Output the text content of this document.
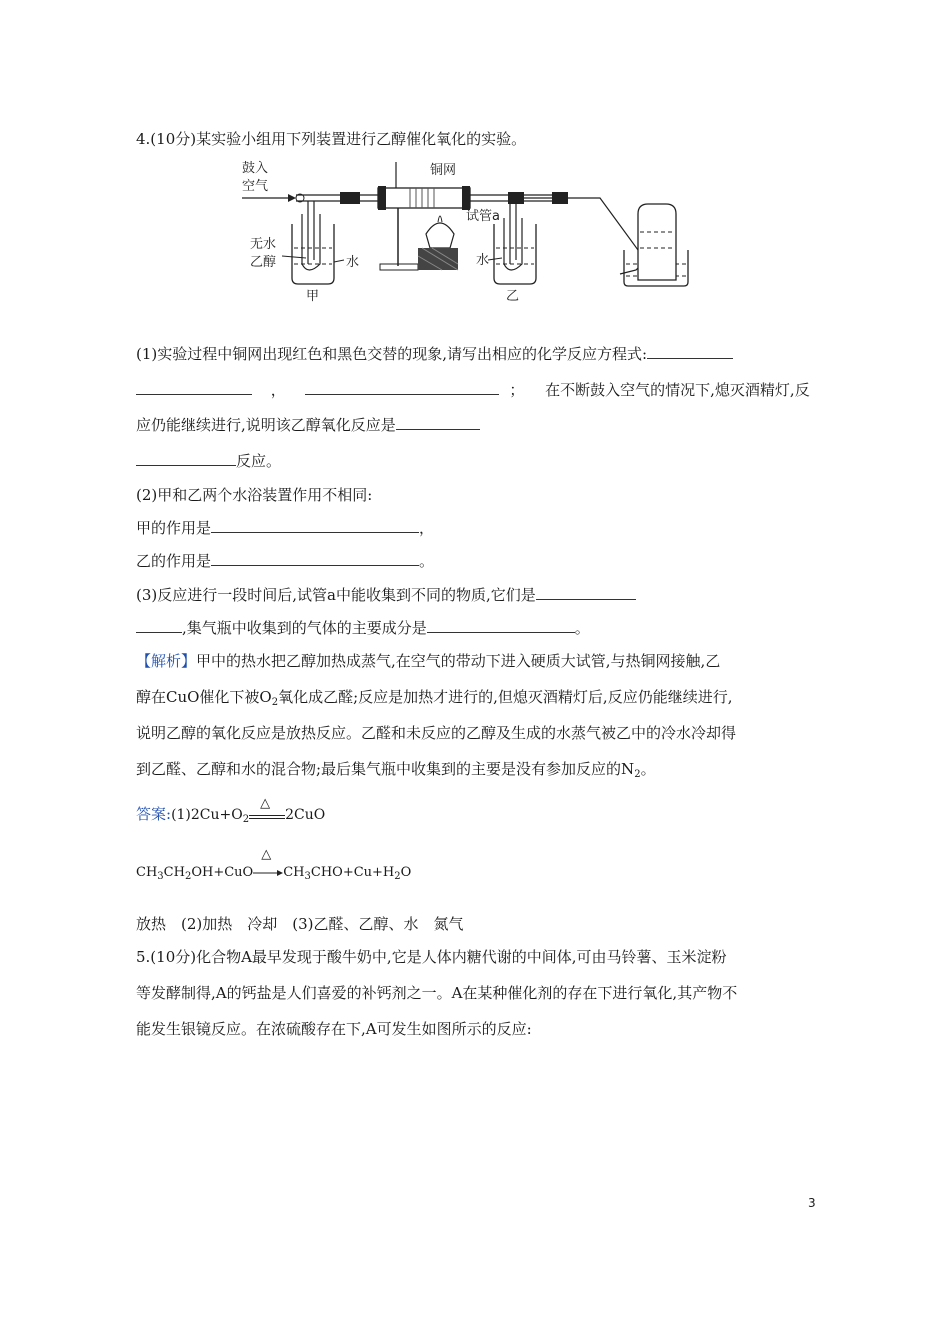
4.(10分)某实验小组用下列装置进行乙醇催化氧化的实验。
鼓入
空气
无水
乙醇	水
甲
铜网
试管a
水
乙
(1)实验过程中铜网出现红色和黑色交替的现象,请写出相应的化学反应方程式:
，	； 在不断鼓入空气的情况下,熄灭酒精灯,反
应仍能继续进行,说明该乙醇氧化反应是
反应。
(2)甲和乙两个水浴装置作用不相同:
甲的作用是	，
乙的作用是	。
(3)反应进行一段时间后,试管a中能收集到不同的物质,它们是
,集气瓶中收集到的气体的主要成分是	。
【解析】甲中的热水把乙醇加热成蒸气,在空气的带动下进入硬质大试管,与热铜网接触,乙
醇在CuO催化下被$O_2$氧化成乙醛;反应是加热才进行的,但熄灭酒精灯后,反应仍能继续进行,
说明乙醇的氧化反应是放热反应。乙醛和未反应的乙醇及生成的水蒸气被乙中的冷水冷却得
到乙醛、乙醇和水的混合物;最后集气瓶中收集到的主要是没有参加反应的$N_2$。
答案$:(1)2Cu+O_2$
△
2CuO
$CH_3CH_2OH+CuO$
△
$CH_3CHO+Cu+H_2O$
放热　(2)加热　冷却　(3)乙醛、乙醇、水　氮气
5.(10分)化合物A最早发现于酸牛奶中,它是人体内糖代谢的中间体,可由马铃薯、玉米淀粉
等发酵制得,A的钙盐是人们喜爱的补钙剂之一。A在某种催化剂的存在下进行氧化,其产物不
能发生银镜反应。在浓硫酸存在下,A可发生如图所示的反应:
3
